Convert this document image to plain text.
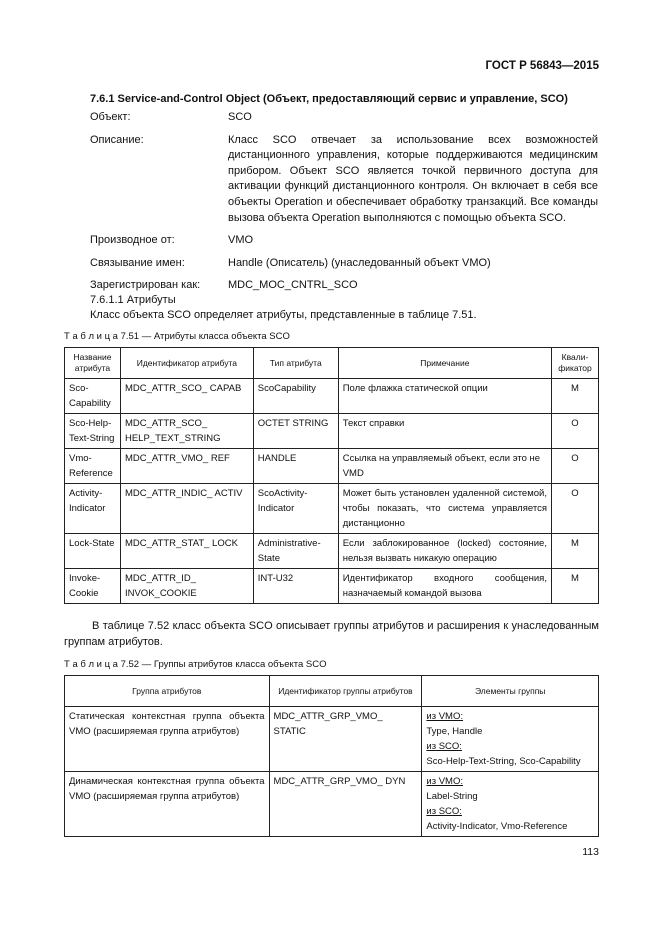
ГОСТ Р 56843—2015
7.6.1 Service-and-Control Object (Объект, предоставляющий сервис и управление, SCO)
Объект:	SCO
Описание:	Класс SCO отвечает за использование всех возможностей дистанционного управления, которые поддерживаются медицинским прибором. Объект SCO является точкой первичного доступа для активации функций дистанционного контроля. Он включает в себя все объекты Operation и обеспечивает обработку транзакций. Все команды вызова объекта Operation выполняются с помощью объекта SCO.
Производное от:	VMO
Связывание имен:	Handle (Описатель) (унаследованный объект VMO)
Зарегистрирован как:	MDC_MOC_CNTRL_SCO
7.6.1.1 Атрибуты
Класс объекта SCO определяет атрибуты, представленные в таблице 7.51.
Т а б л и ц а 7.51 — Атрибуты класса объекта SCO
Название атрибута	Идентификатор атрибута	Тип атрибута	Примечание	Квали-фикатор
Sco-Capability	MDC_ATTR_SCO_ CAPAB	ScoCapability	Поле флажка статической опции	M
Sco-Help-Text-String	MDC_ATTR_SCO_ HELP_TEXT_STRING	OCTET STRING	Текст справки	O
Vmo-Reference	MDC_ATTR_VMO_ REF	HANDLE	Ссылка на управляемый объект, если это не VMD	O
Activity-Indicator	MDC_ATTR_INDIC_ ACTIV	ScoActivity-Indicator	Может быть установлен удаленной системой, чтобы показать, что система управляется дистанционно	O
Lock-State	MDC_ATTR_STAT_ LOCK	Administrative-State	Если заблокированное (locked) состояние, нельзя вызвать никакую операцию	M
Invoke-Cookie	MDC_ATTR_ID_ INVOK_COOKIE	INT-U32	Идентификатор входного сообщения, назначаемый командой вызова	M
В таблице 7.52 класс объекта SCO описывает группы атрибутов и расширения к унаследованным группам атрибутов.
Т а б л и ц а 7.52 — Группы атрибутов класса объекта SCO
Группа атрибутов	Идентификатор группы атрибутов	Элементы группы
Статическая контекстная группа объекта VMO (расширяемая группа атрибутов)	MDC_ATTR_GRP_VMO_ STATIC	из VMO:
Type, Handle
из SCO:
Sco-Help-Text-String, Sco-Capability

Динамическая контекстная группа объекта VMO (расширяемая группа атрибутов)	MDC_ATTR_GRP_VMO_ DYN	из VMO:
Label-String
из SCO:
Activity-Indicator, Vmo-Reference
113
